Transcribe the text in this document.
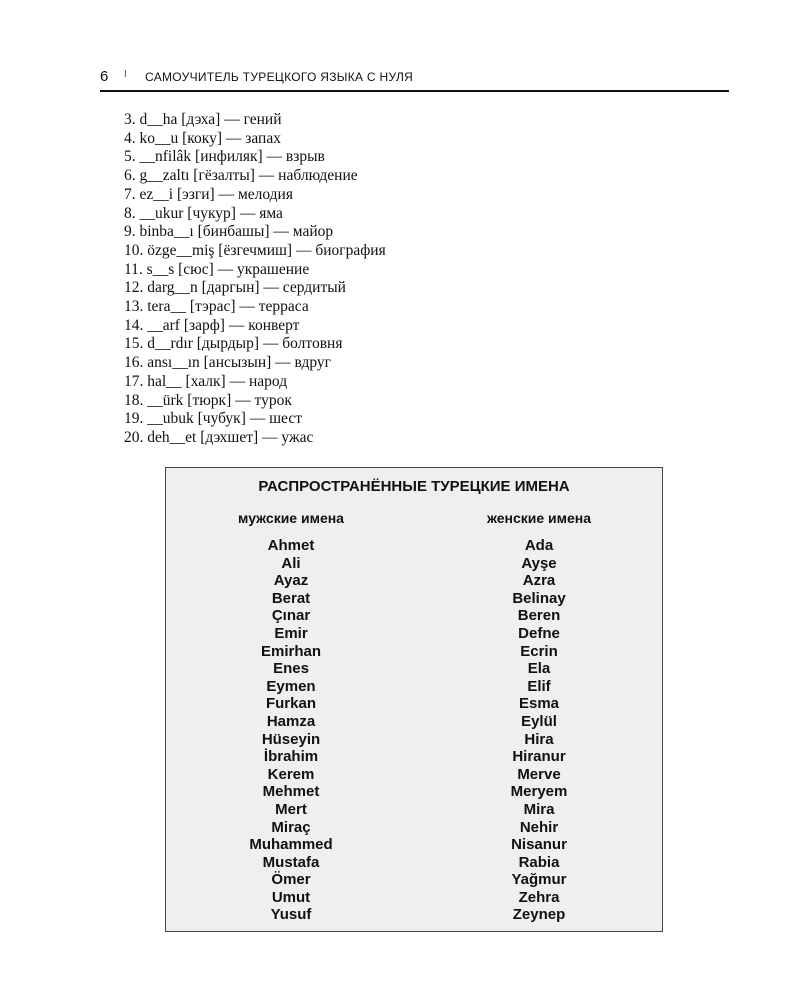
6 I САМОУЧИТЕЛЬ ТУРЕЦКОГО ЯЗЫКА С НУЛЯ
3. d__ha [дэха] — гений
4. ko__u [коку] — запах
5. __nfilâk [инфиляк] — взрыв
6. g__zaltı [гёзалты] — наблюдение
7. ez__i [эзги] — мелодия
8. __ukur [чукур] — яма
9. binba__ı [бинбашы] — майор
10. özge__miş [ёзгечмиш] — биография
11. s__s [сюс] — украшение
12. darg__n [даргын] — сердитый
13. tera__ [тэрас] — терраса
14. __arf [зарф] — конверт
15. d__rdır [дырдыр] — болтовня
16. ansı__ın [ансызын] — вдруг
17. hal__ [халк] — народ
18. __ürk [тюрк] — турок
19. __ubuk [чубук] — шест
20. deh__et [дэхшет] — ужас
РАСПРОСТРАНЁННЫЕ ТУРЕЦКИЕ ИМЕНА
мужские имена
Ahmet
Ali
Ayaz
Berat
Çınar
Emir
Emirhan
Enes
Eymen
Furkan
Hamza
Hüseyin
İbrahim
Kerem
Mehmet
Mert
Miraç
Muhammed
Mustafa
Ömer
Umut
Yusuf
женские имена
Ada
Ayşe
Azra
Belinay
Beren
Defne
Ecrin
Ela
Elif
Esma
Eylül
Hira
Hiranur
Merve
Meryem
Mira
Nehir
Nisanur
Rabia
Yağmur
Zehra
Zeynep
